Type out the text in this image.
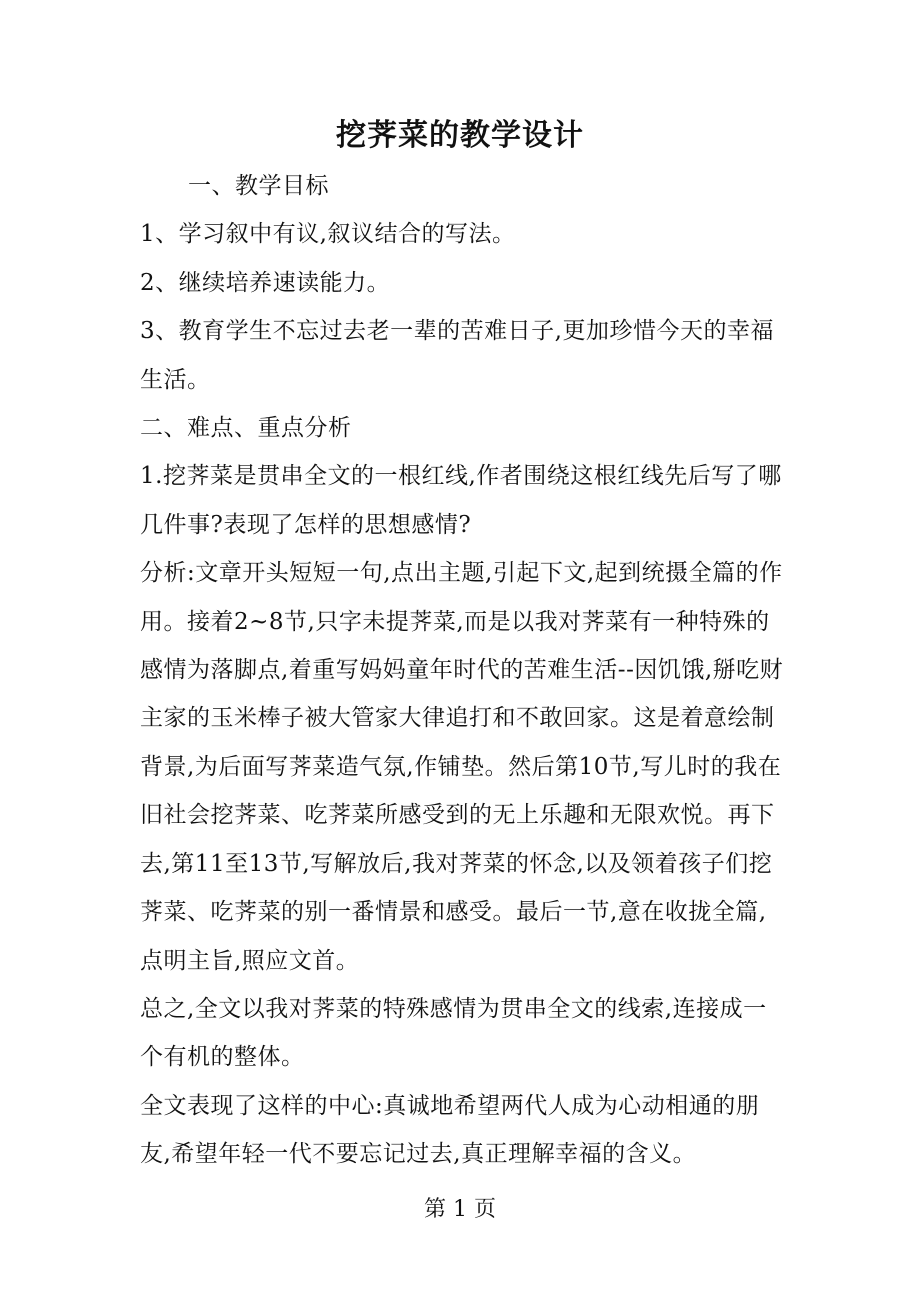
挖荠菜的教学设计

一、教学目标

1、学习叙中有议,叙议结合的写法。

2、继续培养速读能力。

3、教育学生不忘过去老一辈的苦难日子,更加珍惜今天的幸福生活。

二、难点、重点分析

1.挖荠菜是贯串全文的一根红线,作者围绕这根红线先后写了哪几件事?表现了怎样的思想感情?

分析:文章开头短短一句,点出主题,引起下文,起到统摄全篇的作用。接着2~8节,只字未提荠菜,而是以我对荠菜有一种特殊的感情为落脚点,着重写妈妈童年时代的苦难生活--因饥饿,掰吃财主家的玉米棒子被大管家大律追打和不敢回家。这是着意绘制背景,为后面写荠菜造气氛,作铺垫。然后第10节,写儿时的我在旧社会挖荠菜、吃荠菜所感受到的无上乐趣和无限欢悦。再下去,第11至13节,写解放后,我对荠菜的怀念,以及领着孩子们挖荠菜、吃荠菜的别一番情景和感受。最后一节,意在收拢全篇,点明主旨,照应文首。

总之,全文以我对荠菜的特殊感情为贯串全文的线索,连接成一个有机的整体。

全文表现了这样的中心:真诚地希望两代人成为心动相通的朋友,希望年轻一代不要忘记过去,真正理解幸福的含义。

第 1 页
